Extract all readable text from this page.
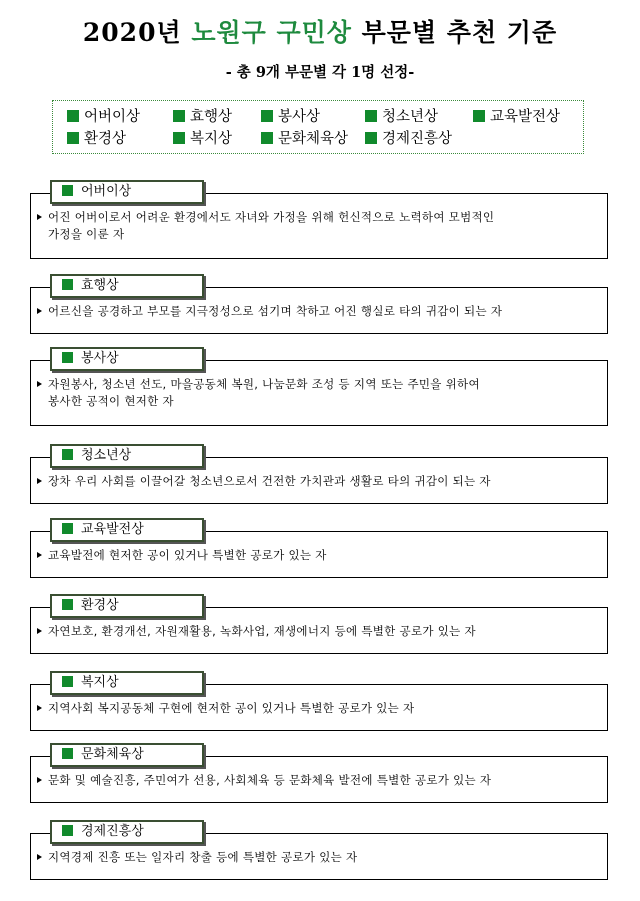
2020년 노원구 구민상 부문별 추천 기준
- 총 9개 부문별 각 1명 선정-
어버이상	효행상	봉사상	청소년상	교육발전상
환경상	복지상	문화체육상	경제진흥상
어진 어버이로서 어려운 환경에서도 자녀와 가정을 위해 헌신적으로 노력하여 모범적인
가정을 이룬 자
어버이상
어르신을 공경하고 부모를 지극정성으로 섬기며 착하고 어진 행실로 타의 귀감이 되는 자
효행상
자원봉사, 청소년 선도, 마을공동체 복원, 나눔문화 조성 등 지역 또는 주민을 위하여
봉사한 공적이 현저한 자
봉사상
장차 우리 사회를 이끌어갈 청소년으로서 건전한 가치관과 생활로 타의 귀감이 되는 자
청소년상
교육발전에 현저한 공이 있거나 특별한 공로가 있는 자
교육발전상
자연보호, 환경개선, 자원재활용, 녹화사업, 재생에너지 등에 특별한 공로가 있는 자
환경상
지역사회 복지공동체 구현에 현저한 공이 있거나 특별한 공로가 있는 자
복지상
문화 및 예술진흥, 주민여가 선용, 사회체육 등 문화체육 발전에 특별한 공로가 있는 자
문화체육상
지역경제 진흥 또는 일자리 창출 등에 특별한 공로가 있는 자
경제진흥상
